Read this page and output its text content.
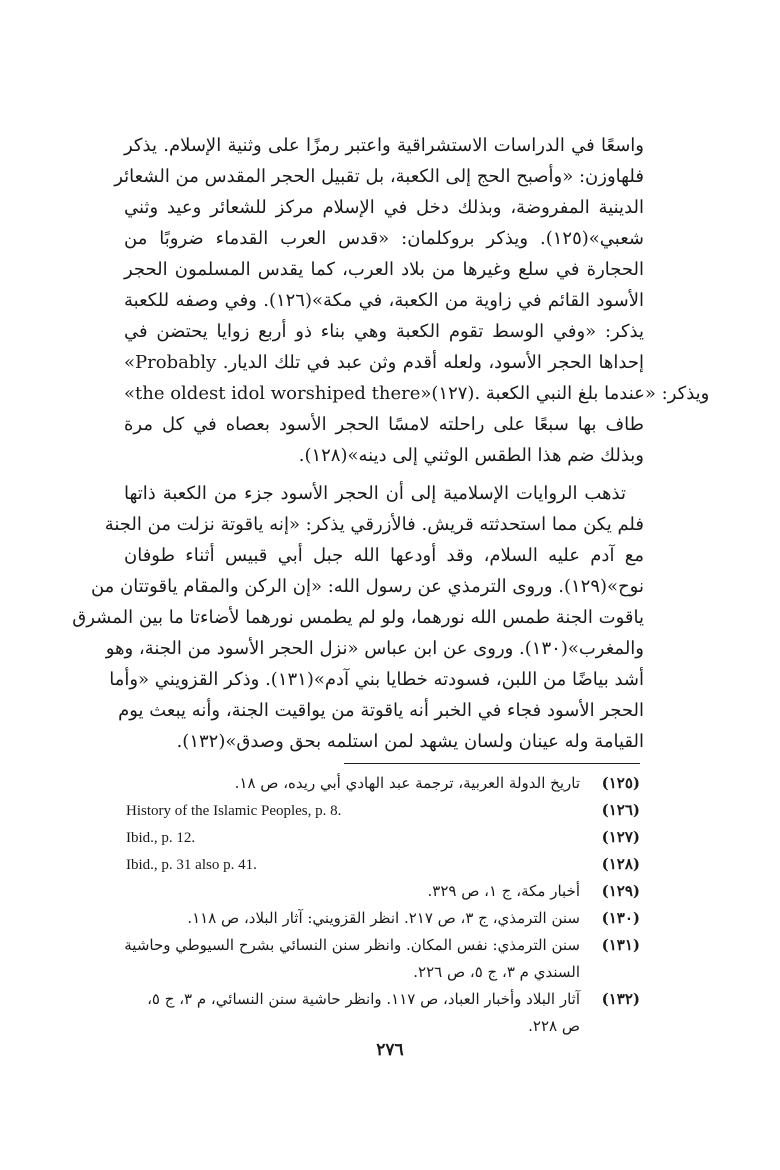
واسعًا في الدراسات الاستشراقية واعتبر رمزًا على وثنية الإسلام. يذكر
فلهاوزن: «وأصبح الحج إلى الكعبة، بل تقبيل الحجر المقدس من الشعائر
الدينية المفروضة، وبذلك دخل في الإسلام مركز للشعائر وعيد وثني
شعبي»(١٢٥). ويذكر بروكلمان: «قدس العرب القدماء ضروبًا من
الحجارة في سلع وغيرها من بلاد العرب، كما يقدس المسلمون الحجر
الأسود القائم في زاوية من الكعبة، في مكة»(١٢٦). وفي وصفه للكعبة
يذكر: «وفي الوسط تقوم الكعبة وهي بناء ذو أربع زوايا يحتضن في
إحداها الحجر الأسود، ولعله أقدم وثن عبد في تلك الديار. Probably»
«the oldest idol worshiped there»(١٢٧). ويذكر: «عندما بلغ النبي الكعبة
طاف بها سبعًا على راحلته لامسًا الحجر الأسود بعصاه في كل مرة
وبذلك ضم هذا الطقس الوثني إلى دينه»(١٢٨).
تذهب الروايات الإسلامية إلى أن الحجر الأسود جزء من الكعبة ذاتها
فلم يكن مما استحدثته قريش. فالأزرقي يذكر: «إنه ياقوتة نزلت من الجنة
مع آدم عليه السلام، وقد أودعها الله جبل أبي قبيس أثناء طوفان
نوح»(١٢٩). وروى الترمذي عن رسول الله: «إن الركن والمقام ياقوتتان من
ياقوت الجنة طمس الله نورهما، ولو لم يطمس نورهما لأضاءتا ما بين المشرق
والمغرب»(١٣٠). وروى عن ابن عباس «نزل الحجر الأسود من الجنة، وهو
أشد بياضًا من اللبن، فسودته خطايا بني آدم»(١٣١). وذكر القزويني «وأما
الحجر الأسود فجاء في الخبر أنه ياقوتة من يواقيت الجنة، وأنه يبعث يوم
القيامة وله عينان ولسان يشهد لمن استلمه بحق وصدق»(١٣٢).
(١٢٥)
تاريخ الدولة العربية، ترجمة عبد الهادي أبي ريده، ص ١٨.
(١٢٦)
History of the Islamic Peoples, p. 8.
(١٢٧)
Ibid., p. 12.
(١٢٨)
Ibid., p. 31 also p. 41.
(١٢٩)
أخبار مكة، ج ١، ص ٣٢٩.
(١٣٠)
سنن الترمذي، ج ٣، ص ٢١٧. انظر القزويني: آثار البلاد، ص ١١٨.
(١٣١)
سنن الترمذي: نفس المكان. وانظر سنن النسائي بشرح السيوطي وحاشية
السندي م ٣، ج ٥، ص ٢٢٦.
(١٣٢)
آثار البلاد وأخبار العباد، ص ١١٧. وانظر حاشية سنن النسائي، م ٣، ج ٥،
ص ٢٢٨.
٢٧٦
